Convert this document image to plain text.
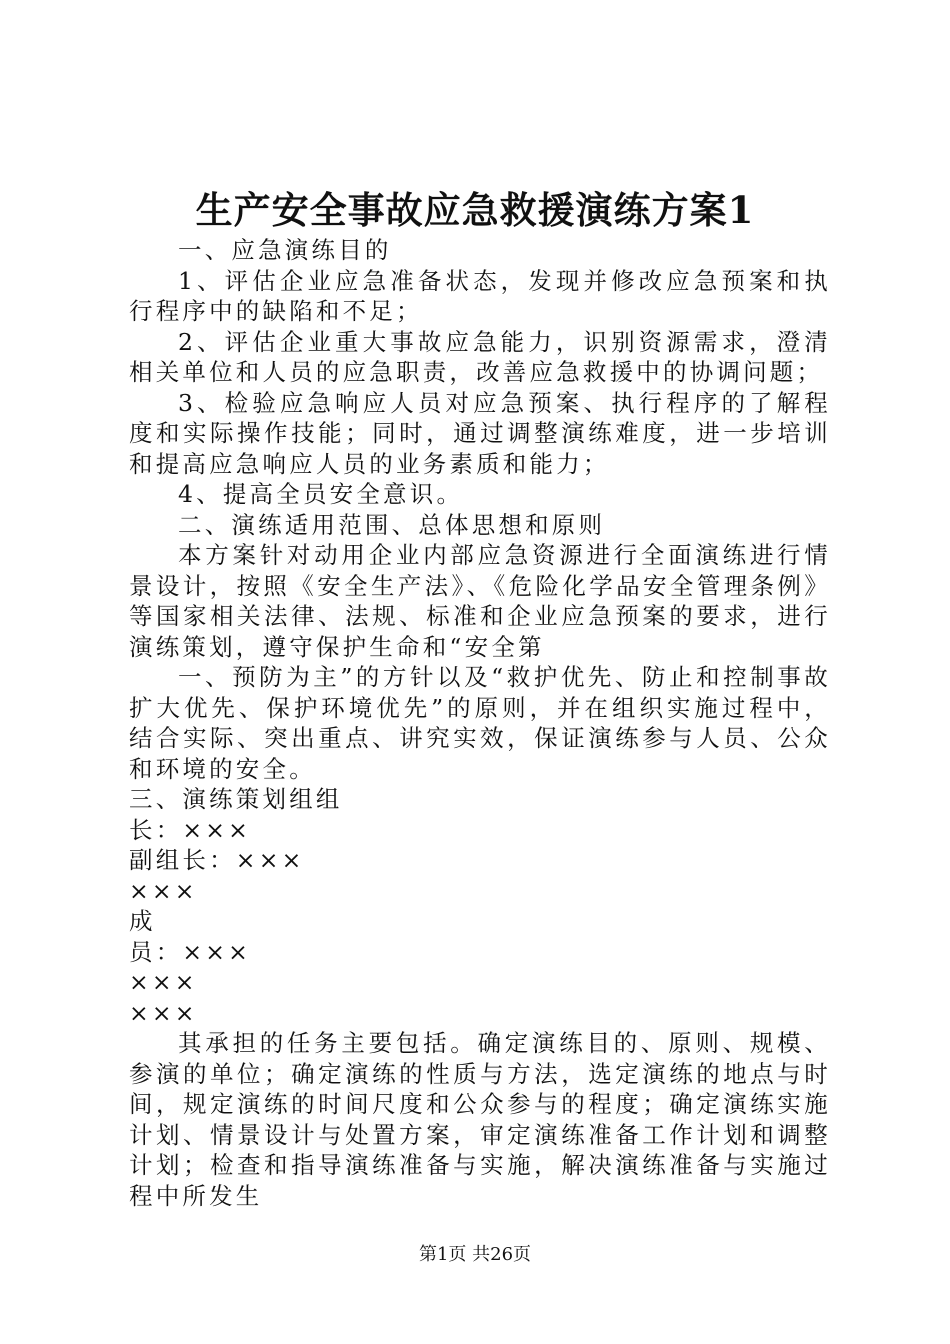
生产安全事故应急救援演练方案1

一、应急演练目的

1、评估企业应急准备状态，发现并修改应急预案和执行程序中的缺陷和不足；

2、评估企业重大事故应急能力，识别资源需求，澄清相关单位和人员的应急职责，改善应急救援中的协调问题；

3、检验应急响应人员对应急预案、执行程序的了解程度和实际操作技能；同时，通过调整演练难度，进一步培训和提高应急响应人员的业务素质和能力；

4、提高全员安全意识。

二、演练适用范围、总体思想和原则

本方案针对动用企业内部应急资源进行全面演练进行情景设计，按照《安全生产法》、《危险化学品安全管理条例》等国家相关法律、法规、标准和企业应急预案的要求，进行演练策划，遵守保护生命和“安全第

一、预防为主”的方针以及“救护优先、防止和控制事故扩大优先、保护环境优先”的原则，并在组织实施过程中，结合实际、突出重点、讲究实效，保证演练参与人员、公众和环境的安全。

三、演练策划组组

长：×××

副组长：×××

×××

成

员：×××

×××

×××

其承担的任务主要包括。确定演练目的、原则、规模、参演的单位；确定演练的性质与方法，选定演练的地点与时间，规定演练的时间尺度和公众参与的程度；确定演练实施计划、情景设计与处置方案，审定演练准备工作计划和调整计划；检查和指导演练准备与实施，解决演练准备与实施过程中所发生

第1页 共26页
